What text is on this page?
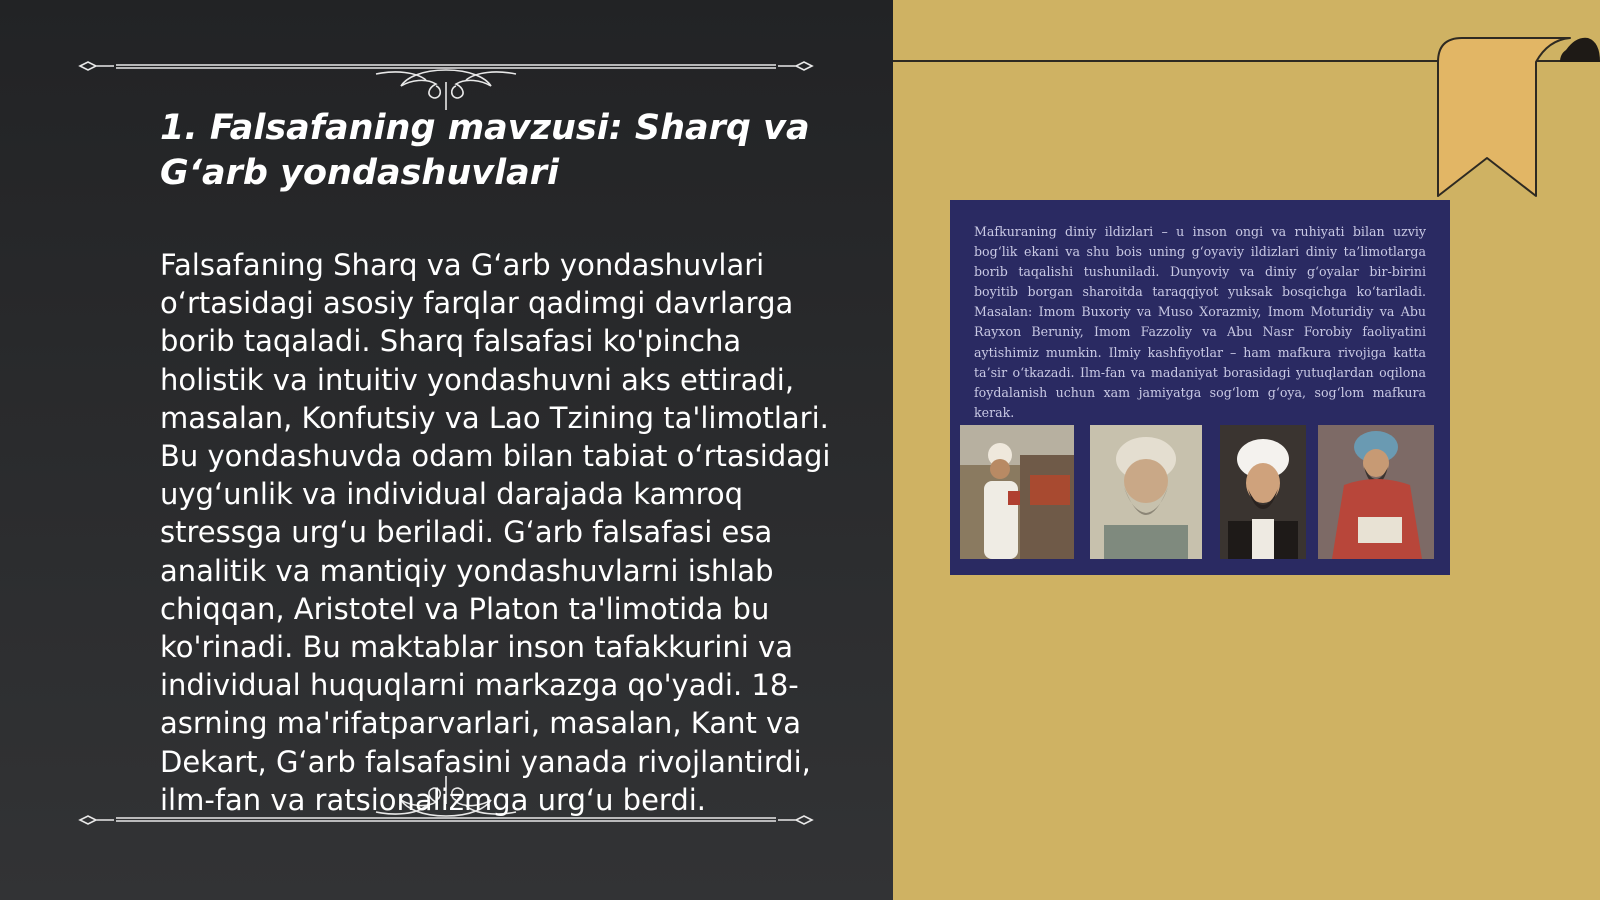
1. Falsafaning mavzusi: Sharq va G‘arb yondashuvlari

Falsafaning Sharq va G‘arb yondashuvlari o‘rtasidagi asosiy farqlar qadimgi davrlarga borib taqaladi. Sharq falsafasi ko'pincha holistik va intuitiv yondashuvni aks ettiradi, masalan, Konfutsiy va Lao Tzining ta'limotlari. Bu yondashuvda odam bilan tabiat o‘rtasidagi uyg‘unlik va individual darajada kamroq stressga urg‘u beriladi. G‘arb falsafasi esa analitik va mantiqiy yondashuvlarni ishlab chiqqan, Aristotel va Platon ta'limotida bu ko'rinadi. Bu maktablar inson tafakkurini va individual huquqlarni markazga qo'yadi. 18-asrning ma'rifatparvarlari, masalan, Kant va Dekart, G‘arb falsafasini yanada rivojlantirdi, ilm-fan va ratsionalizmga urg‘u berdi.

Mafkuraning diniy ildizlari – u inson ongi va ruhiyati bilan uzviy bog‘lik ekani va shu bois uning g‘oyaviy ildizlari diniy ta’limotlarga borib taqalishi tushuniladi. Dunyoviy va diniy g‘oyalar bir-birini boyitib borgan sharoitda taraqqiyot yuksak bosqichga ko‘tariladi. Masalan: Imom Buxoriy va Muso Xorazmiy, Imom Moturidiy va Abu Rayxon Beruniy, Imom Fazzoliy va Abu Nasr Forobiy faoliyatini aytishimiz mumkin. Ilmiy kashfiyotlar – ham mafkura rivojiga katta ta’sir o‘tkazadi. Ilm-fan va madaniyat borasidagi yutuqlardan oqilona foydalanish uchun xam jamiyatga sog‘lom g‘oya, sog‘lom mafkura kerak.
